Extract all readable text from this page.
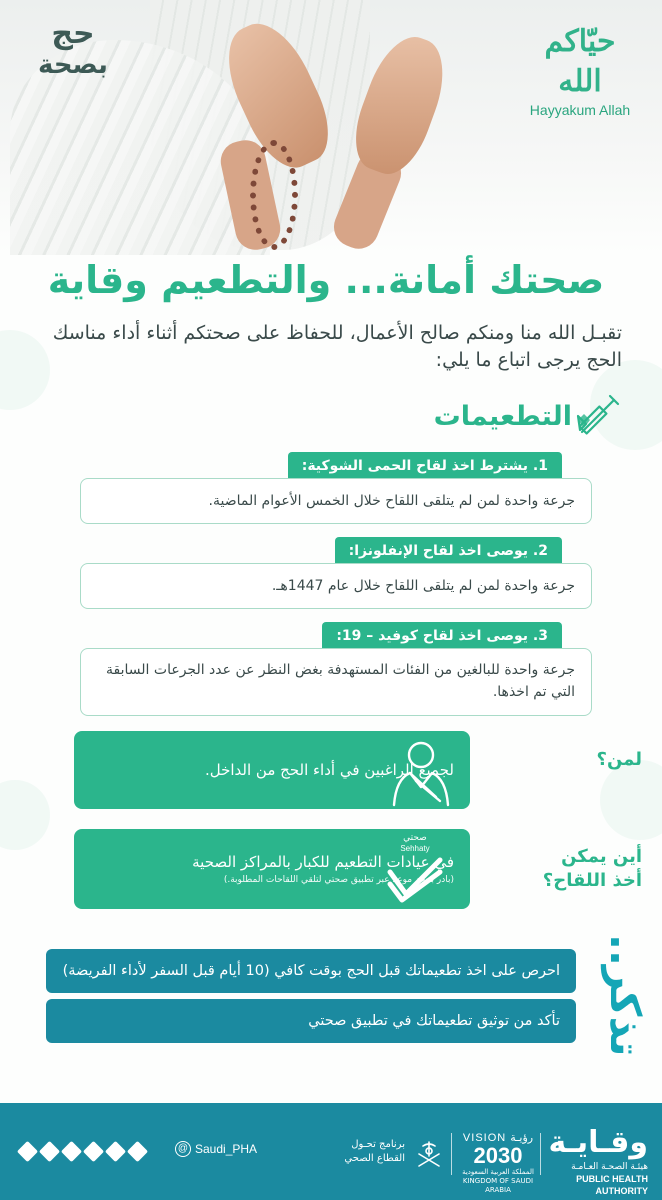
حيّاكم الله
Hayyakum Allah
حج
بصحة
صحتك أمانة... والتطعيم وقاية
تقبـل الله منا ومنكم صالح الأعمال، للحفاظ على صحتكم أثناء أداء مناسك الحج يرجى اتباع ما يلي:
التطعيمات
1. يشترط اخذ لقاح الحمى الشوكية:
جرعة واحدة لمن لم يتلقى اللقاح خلال الخمس الأعوام الماضية.
2. يوصى اخذ لقاح الإنفلونزا:
جرعة واحدة لمن لم يتلقى اللقاح خلال عام 1447هـ.
3. يوصى اخذ لقاح كوفيد – 19:
جرعة واحدة للبالغين من الفئات المستهدفة بغض النظر عن عدد الجرعات السابقة التي تم اخذها.
لمن؟
لجميع الراغبين في أداء الحج من الداخل.
أين يمكن
أخذ اللقاح؟
في عيادات التطعيم للكبار بالمراكز الصحية
(بادر بحجز موعد عبر تطبيق صحتي لتلقي اللقاحات المطلوبة.)
صحتي
Sehhaty
تذكر..
احرص على اخذ تطعيماتك قبل الحج بوقت كافي (10 أيام قبل السفر لأداء الفريضة)
تأكد من توثيق تطعيماتك في تطبيق صحتي
@ Saudi_PHA	برنامج تحـول
القطاع الصحي
VISION رؤيـة
2030
المملكة العربية السعودية KINGDOM OF SAUDI ARABIA
وقـايـة
هيئـة الصحـة العـامـة
PUBLIC HEALTH AUTHORITY
